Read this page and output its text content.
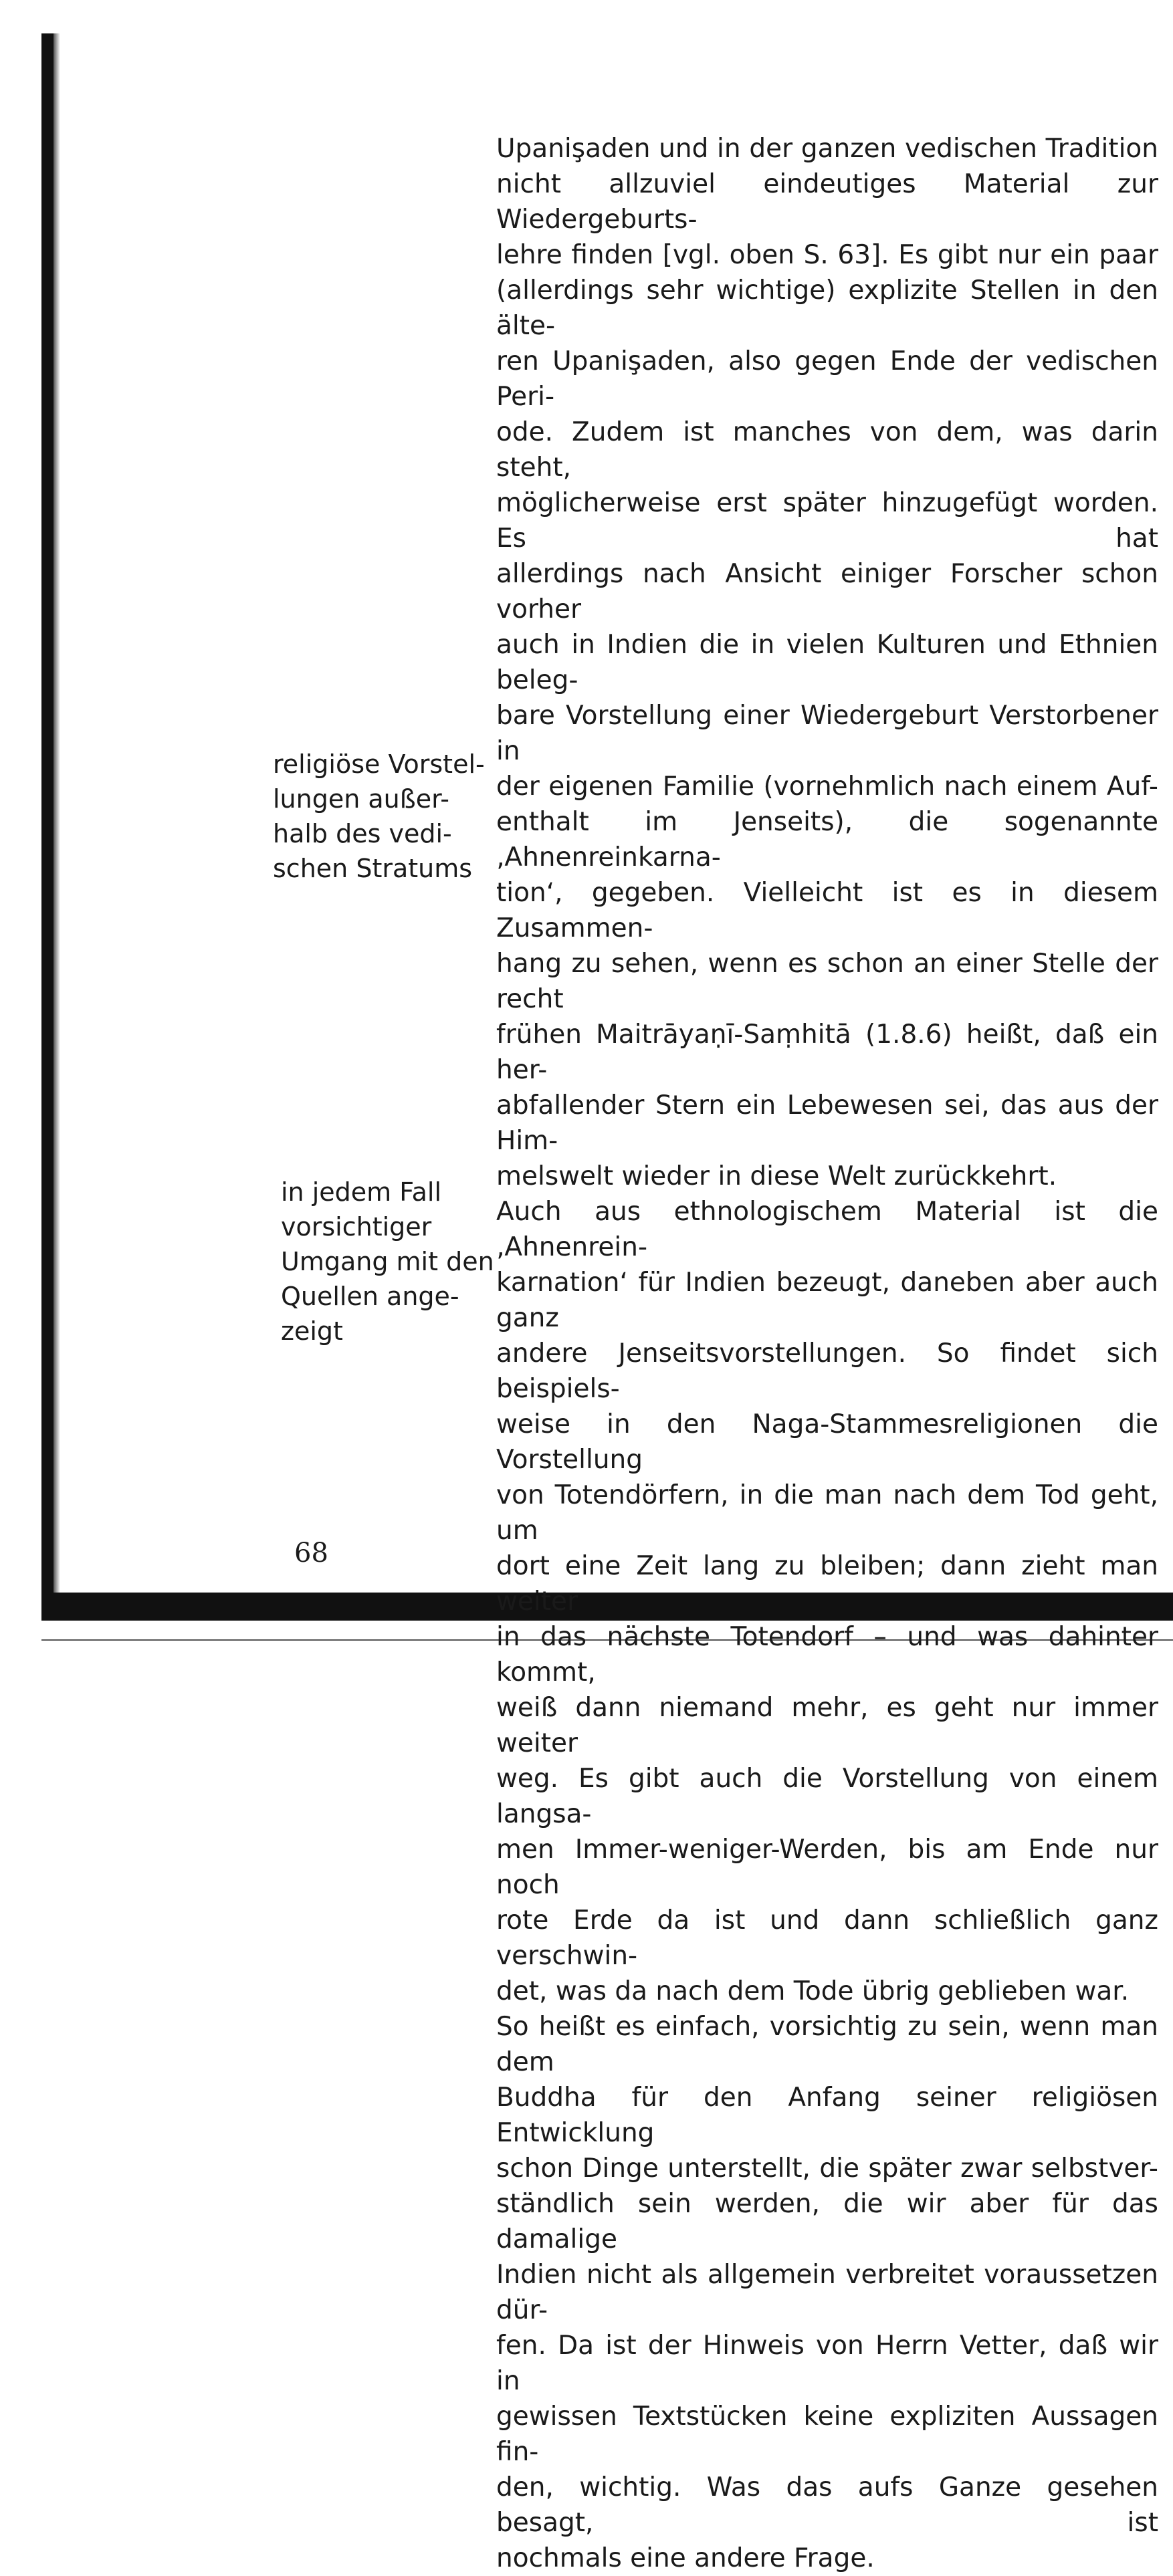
Upanişaden und in der ganzen vedischen Tradition
nicht allzuviel eindeutiges Material zur Wiedergeburts-
lehre finden [vgl. oben S. 63]. Es gibt nur ein paar
(allerdings sehr wichtige) explizite Stellen in den älte-
ren Upanişaden, also gegen Ende der vedischen Peri-
ode. Zudem ist manches von dem, was darin steht,
möglicherweise erst später hinzugefügt worden. Es hat
allerdings nach Ansicht einiger Forscher schon vorher
auch in Indien die in vielen Kulturen und Ethnien beleg-
bare Vorstellung einer Wiedergeburt Verstorbener in
der eigenen Familie (vornehmlich nach einem Auf-
enthalt im Jenseits), die sogenannte ‚Ahnenreinkarna-
tion‘, gegeben. Vielleicht ist es in diesem Zusammen-
hang zu sehen, wenn es schon an einer Stelle der recht
frühen Maitrāyaṇī-Saṃhitā (1.8.6) heißt, daß ein her-
abfallender Stern ein Lebewesen sei, das aus der Him-
melswelt wieder in diese Welt zurückkehrt.
Auch aus ethnologischem Material ist die ‚Ahnenrein-
karnation‘ für Indien bezeugt, daneben aber auch ganz
andere Jenseitsvorstellungen. So findet sich beispiels-
weise in den Naga-Stammesreligionen die Vorstellung
von Totendörfern, in die man nach dem Tod geht, um
dort eine Zeit lang zu bleiben; dann zieht man weiter
in das nächste Totendorf – und was dahinter kommt,
weiß dann niemand mehr, es geht nur immer weiter
weg. Es gibt auch die Vorstellung von einem langsa-
men Immer-weniger-Werden, bis am Ende nur noch
rote Erde da ist und dann schließlich ganz verschwin-
det, was da nach dem Tode übrig geblieben war.
So heißt es einfach, vorsichtig zu sein, wenn man dem
Buddha für den Anfang seiner religiösen Entwicklung
schon Dinge unterstellt, die später zwar selbstver-
ständlich sein werden, die wir aber für das damalige
Indien nicht als allgemein verbreitet voraussetzen dür-
fen. Da ist der Hinweis von Herrn Vetter, daß wir in
gewissen Textstücken keine expliziten Aussagen fin-
den, wichtig. Was das aufs Ganze gesehen besagt, ist
nochmals eine andere Frage.
religiöse Vorstel-
lungen außer-
halb des vedi-
schen Stratums
in jedem Fall
vorsichtiger
Umgang mit den
Quellen ange-
zeigt
68
